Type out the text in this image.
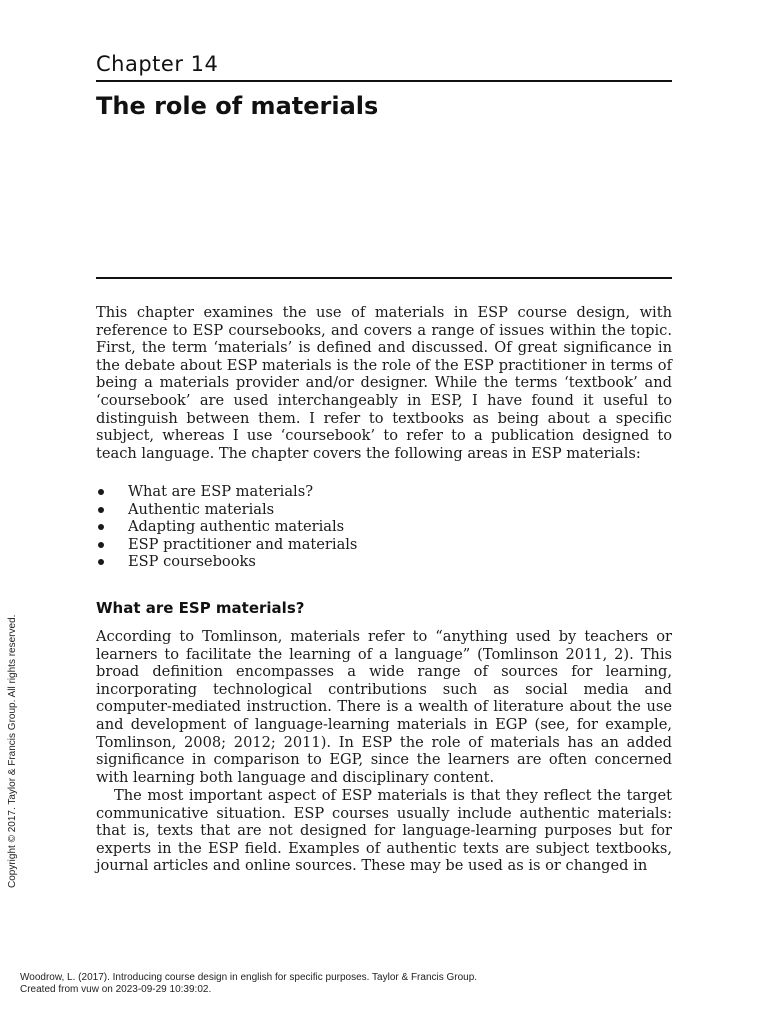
Chapter 14
The role of materials

This chapter examines the use of materials in ESP course design, with reference to ESP coursebooks, and covers a range of issues within the topic. First, the term ‘materials’ is defined and discussed. Of great significance in the debate about ESP materials is the role of the ESP practitioner in terms of being a materials provider and/or designer. While the terms ‘textbook’ and ‘coursebook’ are used interchangeably in ESP, I have found it useful to distinguish between them. I refer to textbooks as being about a specific subject, whereas I use ‘coursebook’ to refer to a publication designed to teach language. The chapter covers the following areas in ESP materials:

What are ESP materials?
Authentic materials
Adapting authentic materials
ESP practitioner and materials
ESP coursebooks
What are ESP materials?

According to Tomlinson, materials refer to “anything used by teachers or learners to facilitate the learning of a language” (Tomlinson 2011, 2). This broad definition encompasses a wide range of sources for learning, incorporating technological contributions such as social media and computer-mediated instruction. There is a wealth of literature about the use and development of language-learning materials in EGP (see, for example, Tomlinson, 2008; 2012; 2011). In ESP the role of materials has an added significance in comparison to EGP, since the learners are often concerned with learning both language and disciplinary content.

The most important aspect of ESP materials is that they reflect the target communicative situation. ESP courses usually include authentic materials: that is, texts that are not designed for language-learning purposes but for experts in the ESP field. Examples of authentic texts are subject textbooks, journal articles and online sources. These may be used as is or changed in

Copyright © 2017. Taylor & Francis Group. All rights reserved.
Woodrow, L. (2017). Introducing course design in english for specific purposes. Taylor & Francis Group.
Created from vuw on 2023-09-29 10:39:02.
